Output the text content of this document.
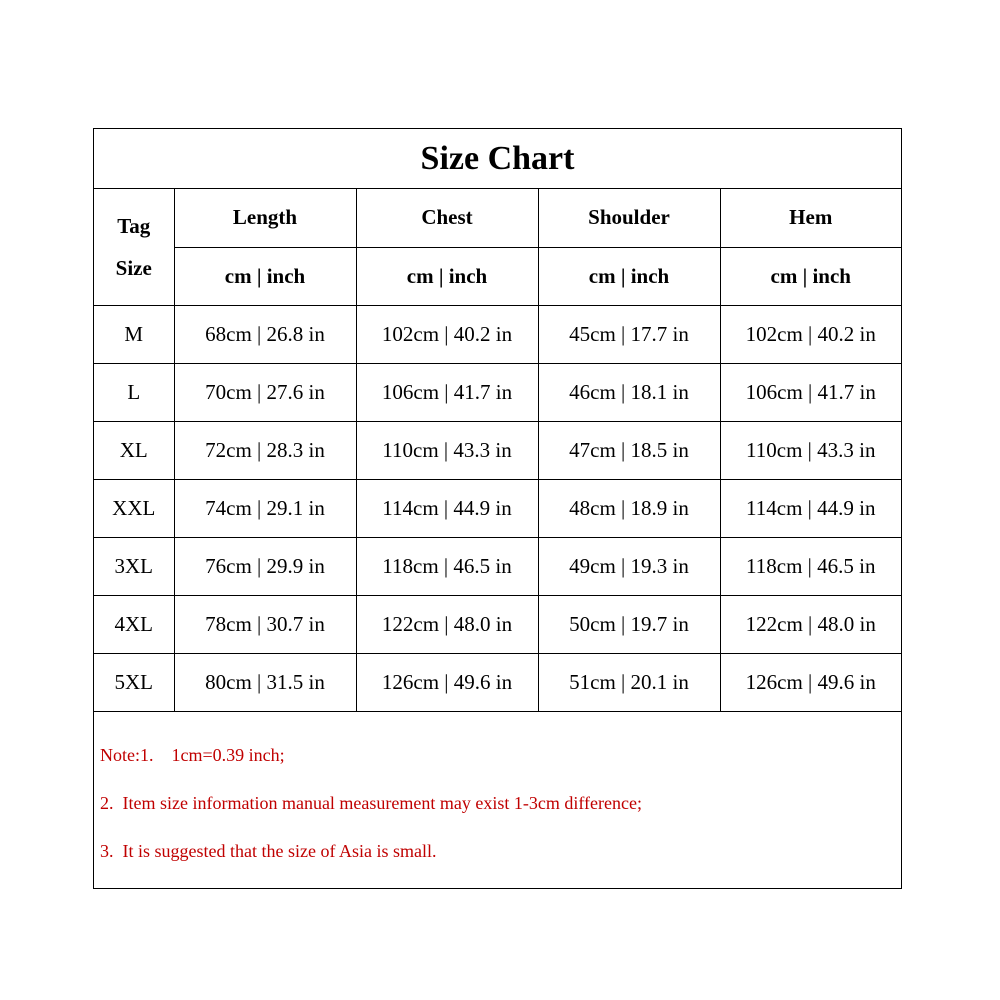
Size Chart
Tag
Size	Length	Chest	Shoulder	Hem
	cm | inch	cm | inch	cm | inch	cm | inch
M	68cm | 26.8 in	102cm | 40.2 in	45cm | 17.7 in	102cm | 40.2 in
L	70cm | 27.6 in	106cm | 41.7 in	46cm | 18.1 in	106cm | 41.7 in
XL	72cm | 28.3 in	110cm | 43.3 in	47cm | 18.5 in	110cm | 43.3 in
XXL	74cm | 29.1 in	114cm | 44.9 in	48cm | 18.9 in	114cm | 44.9 in
3XL	76cm | 29.9 in	118cm | 46.5 in	49cm | 19.3 in	118cm | 46.5 in
4XL	78cm | 30.7 in	122cm | 48.0 in	50cm | 19.7 in	122cm | 48.0 in
5XL	80cm | 31.5 in	126cm | 49.6 in	51cm | 20.1 in	126cm | 49.6 in
Note:1.    1cm=0.39 inch;
2.  Item size information manual measurement may exist 1-3cm difference;
3.  It is suggested that the size of Asia is small.
